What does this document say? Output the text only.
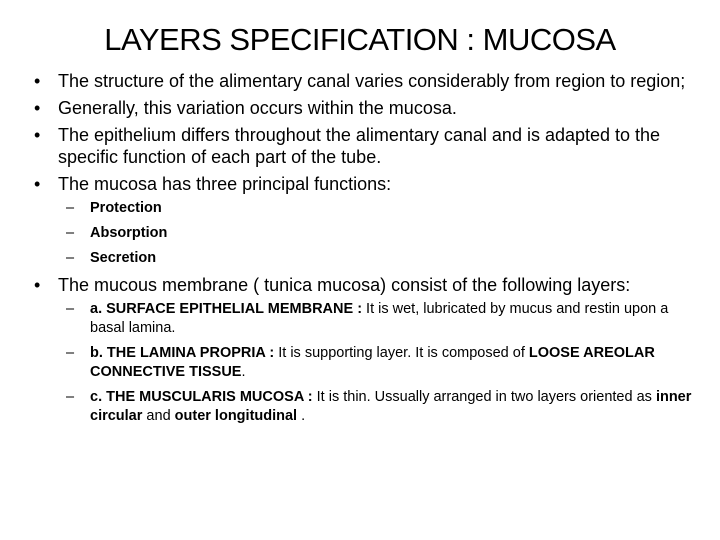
LAYERS SPECIFICATION : MUCOSA
• The structure of the alimentary canal varies considerably from region to region;
• Generally, this variation occurs within the mucosa.
• The epithelium differs throughout the alimentary canal and is adapted to the specific function of each part of the tube.
• The mucosa has three principal functions:
– Protection
– Absorption
– Secretion
• The mucous membrane ( tunica mucosa) consist of the following layers:
– a. SURFACE EPITHELIAL MEMBRANE : It is wet, lubricated by mucus and restin upon a basal lamina.
– b. THE LAMINA PROPRIA : It is supporting layer. It is composed of LOOSE AREOLAR CONNECTIVE TISSUE.
– c. THE MUSCULARIS MUCOSA : It is thin. Ussually arranged in two layers oriented as inner circular and outer longitudinal .
